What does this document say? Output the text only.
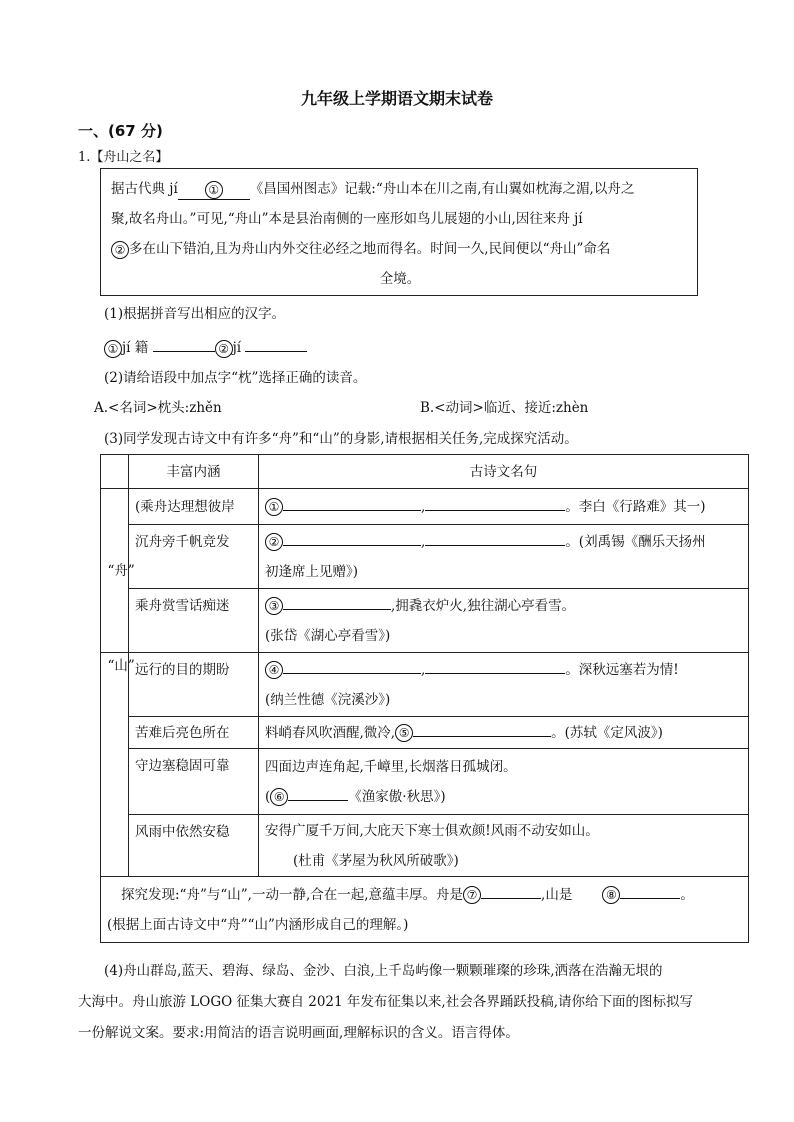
九年级上学期语文期末试卷
一、(67 分)
1.【舟山之名】
据古代典 jí	① 《昌国州图志》记载:“舟山本在川之南,有山翼如枕海之湄,以舟之
聚,故名舟山。”可见,“舟山”本是县治南侧的一座形如鸟儿展翅的小山,因往来舟 jí
② 多在山下错泊,且为舟山内外交往必经之地而得名。时间一久,民间便以“舟山”命名
全境。
(1)根据拼音写出相应的汉字。
① jí 籍	② jí
(2)请给语段中加点字“枕”选择正确的读音。
A.<名词>枕头:zhěn	B.<动词>临近、接近:zhèn
(3)同学发现古诗文中有许多“舟”和“山”的身影,请根据相关任务,完成探究活动。
	丰富内涵	古诗文名句

“舟”	(乘舟达理想彼岸	① , 。李白《行路难》其一)
	沉舟旁千帆竞发	② , 。(刘禹锡《酬乐天扬州
初逢席上见赠》)
	乘舟赏雪话痴迷	③ ,拥毳衣炉火,独往湖心亭看雪。
(张岱《湖心亭看雪》)

“山”	远行的目的期盼	④ , 。深秋远塞若为情!
(纳兰性德《浣溪沙》)
	苦难后亮色所在	料峭春风吹酒醒,微冷, ⑤ 。(苏轼《定风波》)
	守边塞稳固可靠	四面边声连角起,千嶂里,长烟落日孤城闭。
( ⑥ 《渔家傲·秋思》)
	风雨中依然安稳	安得广厦千万间,大庇天下寒士俱欢颜!风雨不动安如山。
(杜甫《茅屋为秋风所破歌》)
探究发现:“舟”与“山”,一动一静,合在一起,意蕴丰厚。舟是 ⑦ ,山是 ⑧ 。
(根据上面古诗文中“舟”“山”内涵形成自己的理解。)		
(4)舟山群岛,蓝天、碧海、绿岛、金沙、白浪,上千岛屿像一颗颗璀璨的珍珠,洒落在浩瀚无垠的
大海中。舟山旅游 LOGO 征集大赛自 2021 年发布征集以来,社会各界踊跃投稿,请你给下面的图标拟写
一份解说文案。要求:用简洁的语言说明画面,理解标识的含义。语言得体。
